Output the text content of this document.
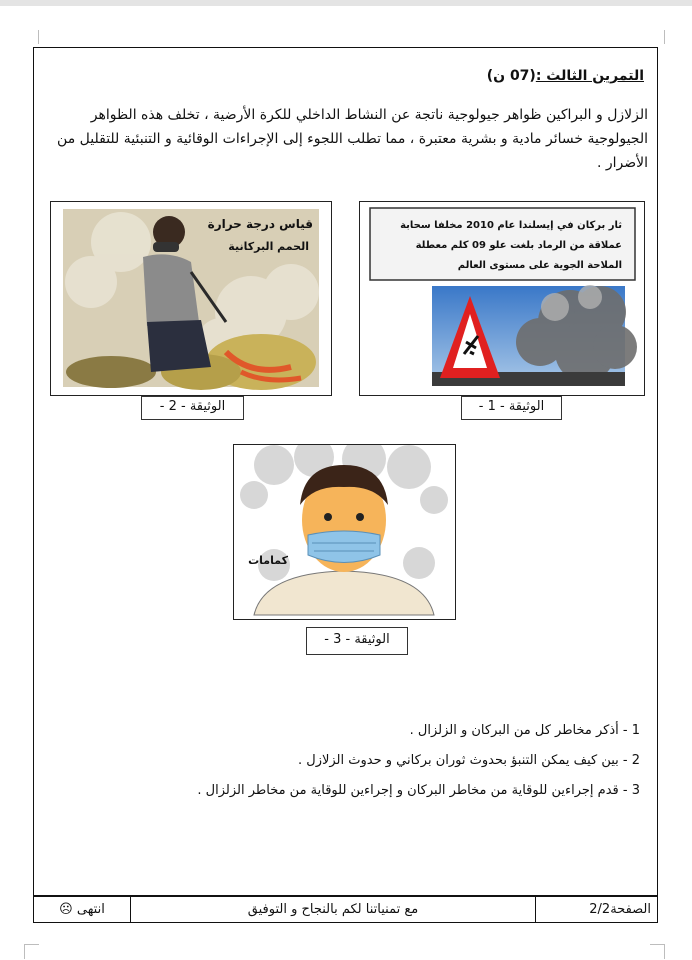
التمرين الثالث :(07 ن)
الزلازل و البراكين ظواهر جيولوجية ناتجة عن النشاط الداخلي للكرة الأرضية ، تخلف هذه الظواهر الجيولوجية خسائر مادية و بشرية معتبرة ، مما تطلب اللجوء إلى الإجراءات الوقائية و التنبئية للتقليل من الأضرار .
ثار بركان في إيسلندا عام 2010 مخلفا سحابة
عملاقة من الرماد بلغت علو 09 كلم معطلة
الملاحة الجوية على مستوى العالم
الوثيقة - 1 -
قياس درجة حرارة
الحمم البركانية
الوثيقة - 2 -
كمامات
الوثيقة - 3 -
1 - أذكر مخاطر كل من البركان و الزلزال .
2 - بين كيف يمكن التنبؤ بحدوث ثوران بركاني و حدوث الزلازل .
3 - قدم إجراءين للوقاية من مخاطر البركان و إجراءين للوقاية من مخاطر الزلزال .
الصفحة2/2
مع تمنياتنا لكم بالنجاح و التوفيق
انتهى ☹
